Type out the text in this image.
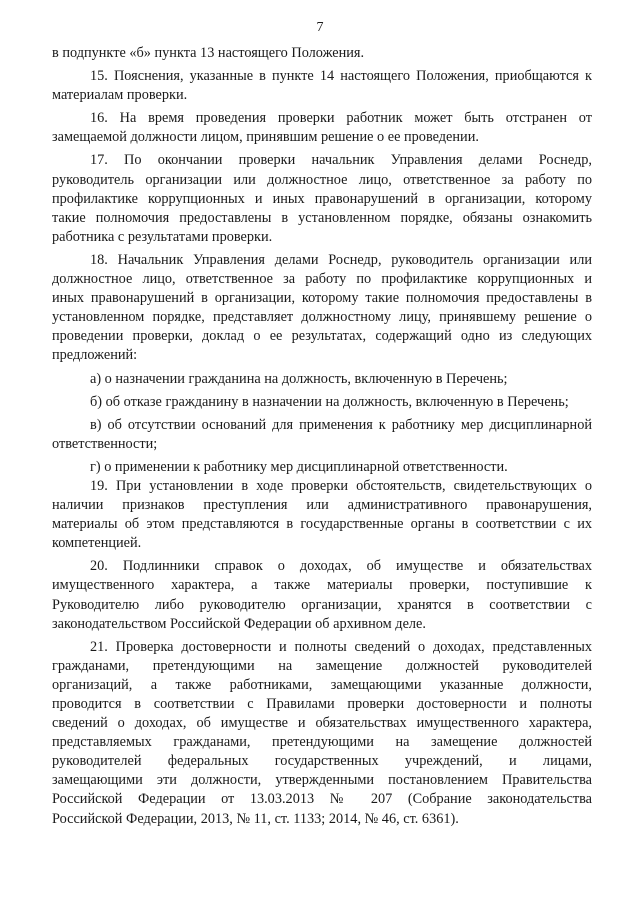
7
в подпункте «б» пункта 13 настоящего Положения.
15. Пояснения, указанные в пункте 14 настоящего Положения, приобщаются к
материалам проверки.
16. На время проведения проверки работник может быть отстранен от
замещаемой должности лицом, принявшим решение о ее проведении.
17. По окончании проверки начальник Управления делами Роснедр,
руководитель организации или должностное лицо, ответственное за работу по
профилактике коррупционных и иных правонарушений в организации, которому
такие полномочия предоставлены в установленном порядке, обязаны ознакомить
работника с результатами проверки.
18. Начальник Управления делами Роснедр, руководитель организации или
должностное лицо, ответственное за работу по профилактике коррупционных и
иных правонарушений в организации, которому такие полномочия предоставлены в
установленном порядке, представляет должностному лицу, принявшему решение о
проведении проверки, доклад о ее результатах, содержащий одно из следующих
предложений:
а) о назначении гражданина на должность, включенную в Перечень;
б) об отказе гражданину в назначении на должность, включенную в Перечень;
в) об отсутствии оснований для применения к работнику мер дисциплинарной
ответственности;
г) о применении к работнику мер дисциплинарной ответственности.
19. При установлении в ходе проверки обстоятельств, свидетельствующих о
наличии признаков преступления или административного правонарушения,
материалы об этом представляются в государственные органы в соответствии с их
компетенцией.
20. Подлинники справок о доходах, об имуществе и обязательствах
имущественного характера, а также материалы проверки, поступившие к
Руководителю либо руководителю организации, хранятся в соответствии с
законодательством Российской Федерации об архивном деле.
21. Проверка достоверности и полноты сведений о доходах, представленных
гражданами, претендующими на замещение должностей руководителей
организаций, а также работниками, замещающими указанные должности,
проводится в соответствии с Правилами проверки достоверности и полноты
сведений о доходах, об имуществе и обязательствах имущественного характера,
представляемых гражданами, претендующими на замещение должностей
руководителей федеральных государственных учреждений, и лицами,
замещающими эти должности, утвержденными постановлением Правительства
Российской Федерации от 13.03.2013 № 207 (Собрание законодательства
Российской Федерации, 2013, № 11, ст. 1133; 2014, № 46, ст. 6361).
